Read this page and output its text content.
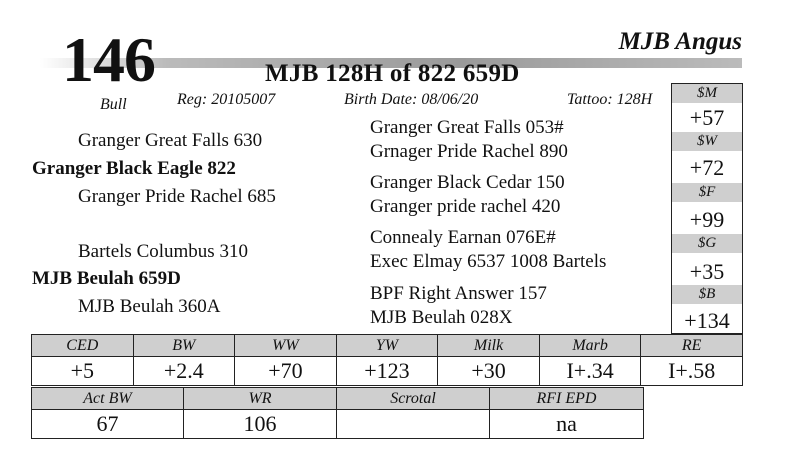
146	MJB Angus
MJB 128H of 822 659D
Bull	Reg: 20105007	Birth Date: 08/06/20	Tattoo: 128H
Granger Great Falls 630
Granger Black Eagle 822
Granger Pride Rachel 685
Granger Great Falls 053#
Grnager Pride Rachel 890
Granger Black Cedar 150
Granger pride rachel 420
Bartels Columbus 310
MJB Beulah 659D
MJB Beulah 360A
Connealy Earnan 076E#
Exec Elmay 6537 1008 Bartels
BPF Right Answer 157
MJB Beulah 028X
$M
+57
$W
+72
$F
+99
$G
+35
$B
+134
CED	BW	WW	YW	Milk	Marb	RE
+5	+2.4	+70	+123	+30	I+.34	I+.58
Act BW	WR	Scrotal	RFI EPD
67	106		na
